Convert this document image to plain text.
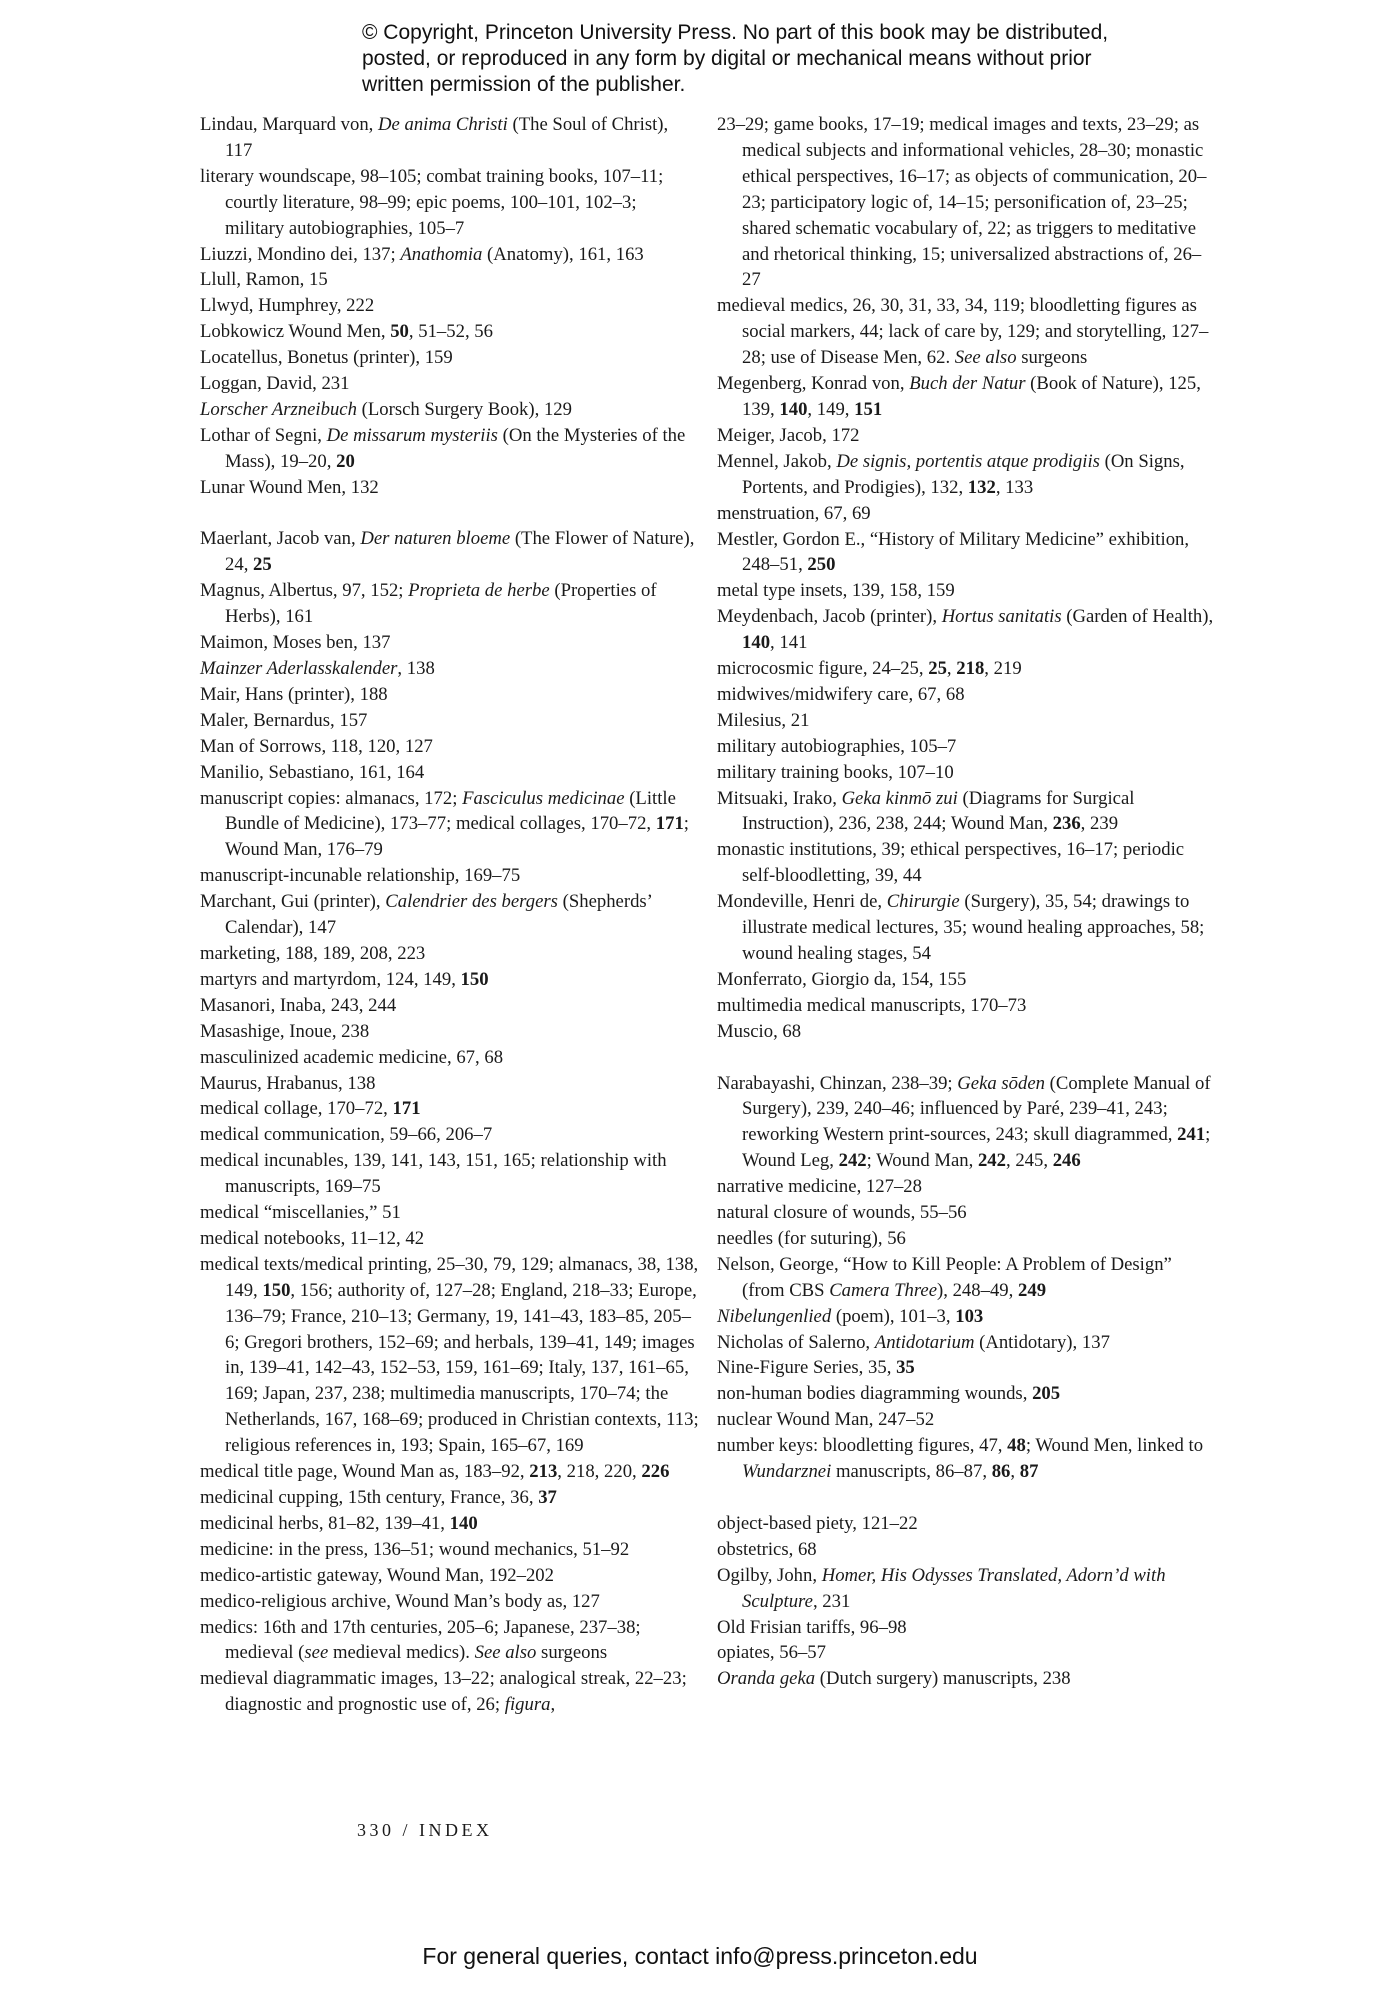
© Copyright, Princeton University Press. No part of this book may be distributed, posted, or reproduced in any form by digital or mechanical means without prior written permission of the publisher.
Lindau, Marquard von, De anima Christi (The Soul of Christ), 117
literary woundscape, 98–105; combat training books, 107–11; courtly literature, 98–99; epic poems, 100–101, 102–3; military autobiographies, 105–7
Liuzzi, Mondino dei, 137; Anathomia (Anatomy), 161, 163
Llull, Ramon, 15
Llwyd, Humphrey, 222
Lobkowicz Wound Men, 50, 51–52, 56
Locatellus, Bonetus (printer), 159
Loggan, David, 231
Lorscher Arzneibuch (Lorsch Surgery Book), 129
Lothar of Segni, De missarum mysteriis (On the Mysteries of the Mass), 19–20, 20
Lunar Wound Men, 132
Maerlant, Jacob van, Der naturen bloeme (The Flower of Nature), 24, 25
Magnus, Albertus, 97, 152; Proprieta de herbe (Properties of Herbs), 161
Maimon, Moses ben, 137
Mainzer Aderlasskalender, 138
Mair, Hans (printer), 188
Maler, Bernardus, 157
Man of Sorrows, 118, 120, 127
Manilio, Sebastiano, 161, 164
manuscript copies: almanacs, 172; Fasciculus medicinae (Little Bundle of Medicine), 173–77; medical collages, 170–72, 171; Wound Man, 176–79
manuscript-incunable relationship, 169–75
Marchant, Gui (printer), Calendrier des bergers (Shepherds’ Calendar), 147
marketing, 188, 189, 208, 223
martyrs and martyrdom, 124, 149, 150
Masanori, Inaba, 243, 244
Masashige, Inoue, 238
masculinized academic medicine, 67, 68
Maurus, Hrabanus, 138
medical collage, 170–72, 171
medical communication, 59–66, 206–7
medical incunables, 139, 141, 143, 151, 165; relationship with manuscripts, 169–75
medical “miscellanies,” 51
medical notebooks, 11–12, 42
medical texts/medical printing, 25–30, 79, 129; almanacs, 38, 138, 149, 150, 156; authority of, 127–28; England, 218–33; Europe, 136–79; France, 210–13; Germany, 19, 141–43, 183–85, 205–6; Gregori brothers, 152–69; and herbals, 139–41, 149; images in, 139–41, 142–43, 152–53, 159, 161–69; Italy, 137, 161–65, 169; Japan, 237, 238; multimedia manuscripts, 170–74; the Netherlands, 167, 168–69; produced in Christian contexts, 113; religious references in, 193; Spain, 165–67, 169
medical title page, Wound Man as, 183–92, 213, 218, 220, 226
medicinal cupping, 15th century, France, 36, 37
medicinal herbs, 81–82, 139–41, 140
medicine: in the press, 136–51; wound mechanics, 51–92
medico-artistic gateway, Wound Man, 192–202
medico-religious archive, Wound Man’s body as, 127
medics: 16th and 17th centuries, 205–6; Japanese, 237–38; medieval (see medieval medics). See also surgeons
medieval diagrammatic images, 13–22; analogical streak, 22–23; diagnostic and prognostic use of, 26; figura,
23–29; game books, 17–19; medical images and texts, 23–29; as medical subjects and informational vehicles, 28–30; monastic ethical perspectives, 16–17; as objects of communication, 20–23; participatory logic of, 14–15; personification of, 23–25; shared schematic vocabulary of, 22; as triggers to meditative and rhetorical thinking, 15; universalized abstractions of, 26–27
medieval medics, 26, 30, 31, 33, 34, 119; bloodletting figures as social markers, 44; lack of care by, 129; and storytelling, 127–28; use of Disease Men, 62. See also surgeons
Megenberg, Konrad von, Buch der Natur (Book of Nature), 125, 139, 140, 149, 151
Meiger, Jacob, 172
Mennel, Jakob, De signis, portentis atque prodigiis (On Signs, Portents, and Prodigies), 132, 132, 133
menstruation, 67, 69
Mestler, Gordon E., “History of Military Medicine” exhibition, 248–51, 250
metal type insets, 139, 158, 159
Meydenbach, Jacob (printer), Hortus sanitatis (Garden of Health), 140, 141
microcosmic figure, 24–25, 25, 218, 219
midwives/midwifery care, 67, 68
Milesius, 21
military autobiographies, 105–7
military training books, 107–10
Mitsuaki, Irako, Geka kinmō zui (Diagrams for Surgical Instruction), 236, 238, 244; Wound Man, 236, 239
monastic institutions, 39; ethical perspectives, 16–17; periodic self-bloodletting, 39, 44
Mondeville, Henri de, Chirurgie (Surgery), 35, 54; drawings to illustrate medical lectures, 35; wound healing approaches, 58; wound healing stages, 54
Monferrato, Giorgio da, 154, 155
multimedia medical manuscripts, 170–73
Muscio, 68
Narabayashi, Chinzan, 238–39; Geka sōden (Complete Manual of Surgery), 239, 240–46; influenced by Paré, 239–41, 243; reworking Western print-sources, 243; skull diagrammed, 241; Wound Leg, 242; Wound Man, 242, 245, 246
narrative medicine, 127–28
natural closure of wounds, 55–56
needles (for suturing), 56
Nelson, George, “How to Kill People: A Problem of Design” (from CBS Camera Three), 248–49, 249
Nibelungenlied (poem), 101–3, 103
Nicholas of Salerno, Antidotarium (Antidotary), 137
Nine-Figure Series, 35, 35
non-human bodies diagramming wounds, 205
nuclear Wound Man, 247–52
number keys: bloodletting figures, 47, 48; Wound Men, linked to Wundarznei manuscripts, 86–87, 86, 87
object-based piety, 121–22
obstetrics, 68
Ogilby, John, Homer, His Odysses Translated, Adorn’d with Sculpture, 231
Old Frisian tariffs, 96–98
opiates, 56–57
Oranda geka (Dutch surgery) manuscripts, 238
330 / INDEX
For general queries, contact info@press.princeton.edu
